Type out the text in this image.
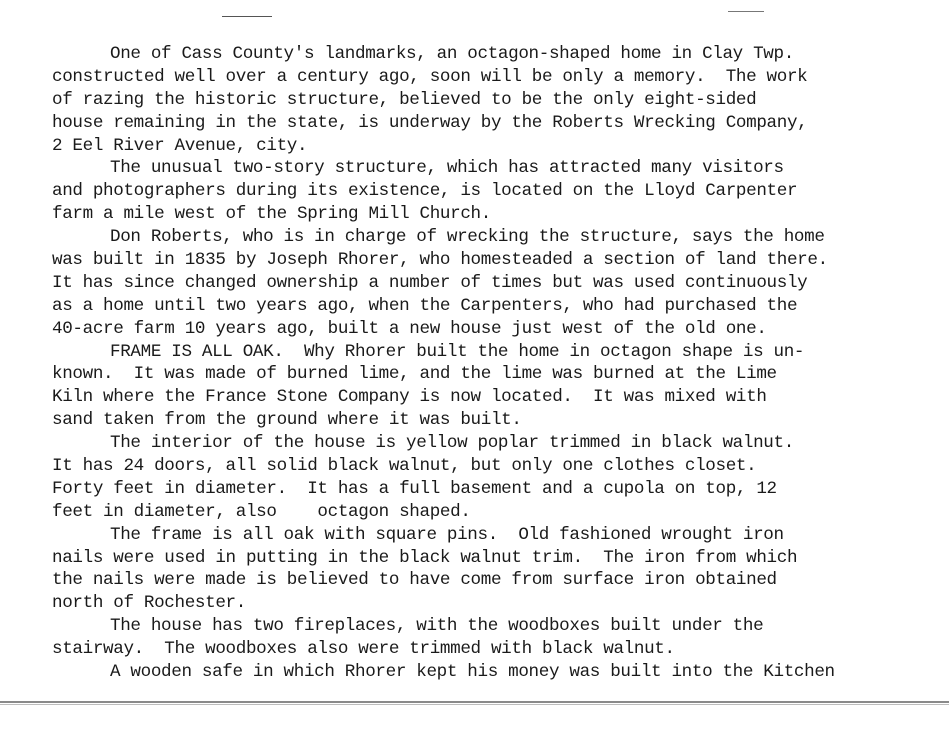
One of Cass County's landmarks, an octagon-shaped home in Clay Twp.
constructed well over a century ago, soon will be only a memory.  The work
of razing the historic structure, believed to be the only eight-sided
house remaining in the state, is underway by the Roberts Wrecking Company,
2 Eel River Avenue, city.
The unusual two-story structure, which has attracted many visitors
and photographers during its existence, is located on the Lloyd Carpenter
farm a mile west of the Spring Mill Church.
Don Roberts, who is in charge of wrecking the structure, says the home
was built in 1835 by Joseph Rhorer, who homesteaded a section of land there.
It has since changed ownership a number of times but was used continuously
as a home until two years ago, when the Carpenters, who had purchased the
40-acre farm 10 years ago, built a new house just west of the old one.
FRAME IS ALL OAK.  Why Rhorer built the home in octagon shape is un-
known.  It was made of burned lime, and the lime was burned at the Lime
Kiln where the France Stone Company is now located.  It was mixed with
sand taken from the ground where it was built.
The interior of the house is yellow poplar trimmed in black walnut.
It has 24 doors, all solid black walnut, but only one clothes closet.
Forty feet in diameter.  It has a full basement and a cupola on top, 12
feet in diameter, also    octagon shaped.
The frame is all oak with square pins.  Old fashioned wrought iron
nails were used in putting in the black walnut trim.  The iron from which
the nails were made is believed to have come from surface iron obtained
north of Rochester.
The house has two fireplaces, with the woodboxes built under the
stairway.  The woodboxes also were trimmed with black walnut.
A wooden safe in which Rhorer kept his money was built into the Kitchen
